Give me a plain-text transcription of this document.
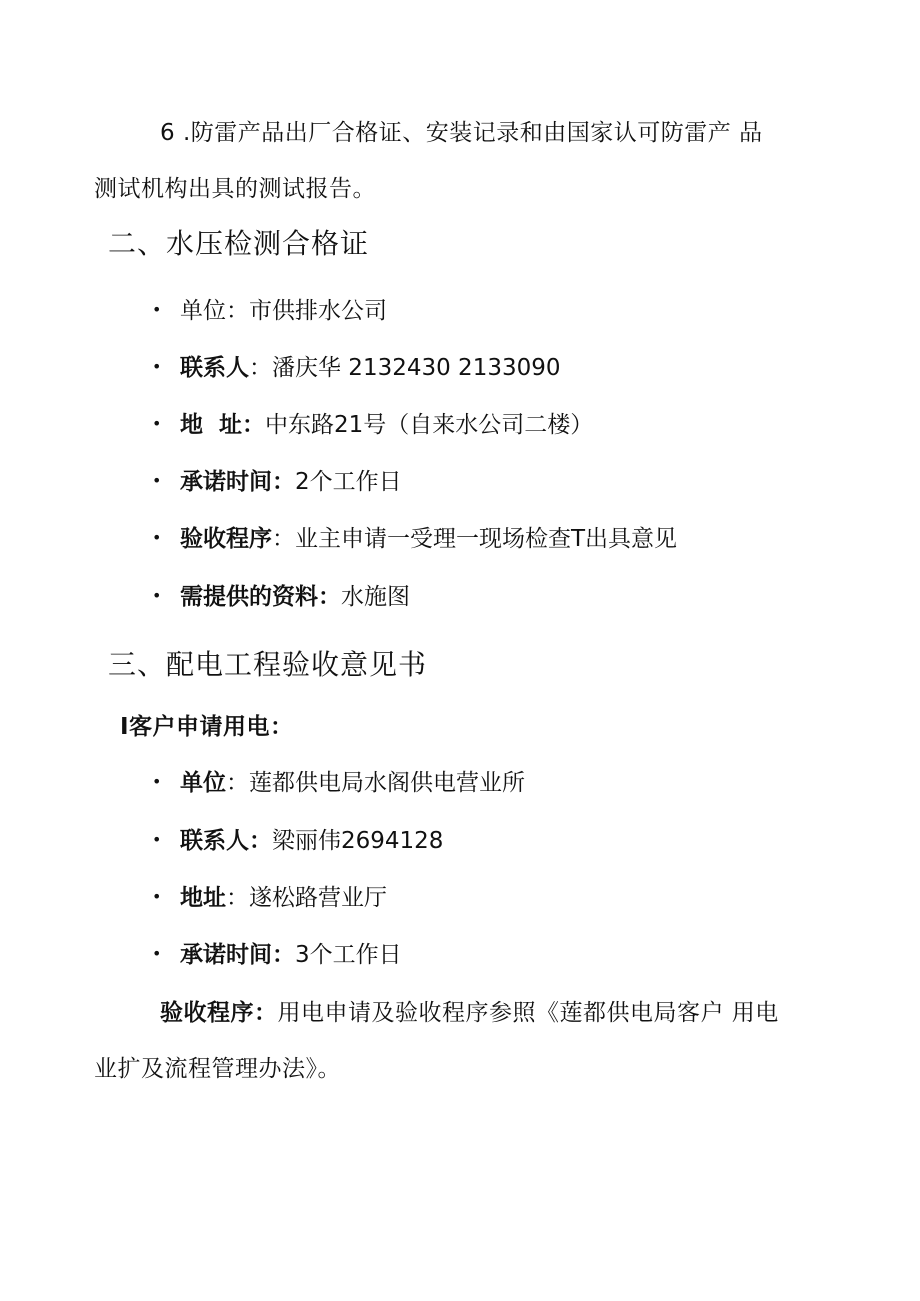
6 .防雷产品出厂合格证、安装记录和由国家认可防雷产 品
测试机构出具的测试报告。
二、水压检测合格证
• 单位：市供排水公司
• 联系人：潘庆华 2132430 2133090
• 地  址：中东路21号（自来水公司二楼）
• 承诺时间：2个工作日
• 验收程序：业主申请一受理一现场检查T出具意见
• 需提供的资料：水施图
三、配电工程验收意见书
I客户申请用电：
• 单位：莲都供电局水阁供电营业所
• 联系人：梁丽伟2694128
• 地址：遂松路营业厅
• 承诺时间：3个工作日
验收程序：用电申请及验收程序参照《莲都供电局客户 用电
业扩及流程管理办法》。
